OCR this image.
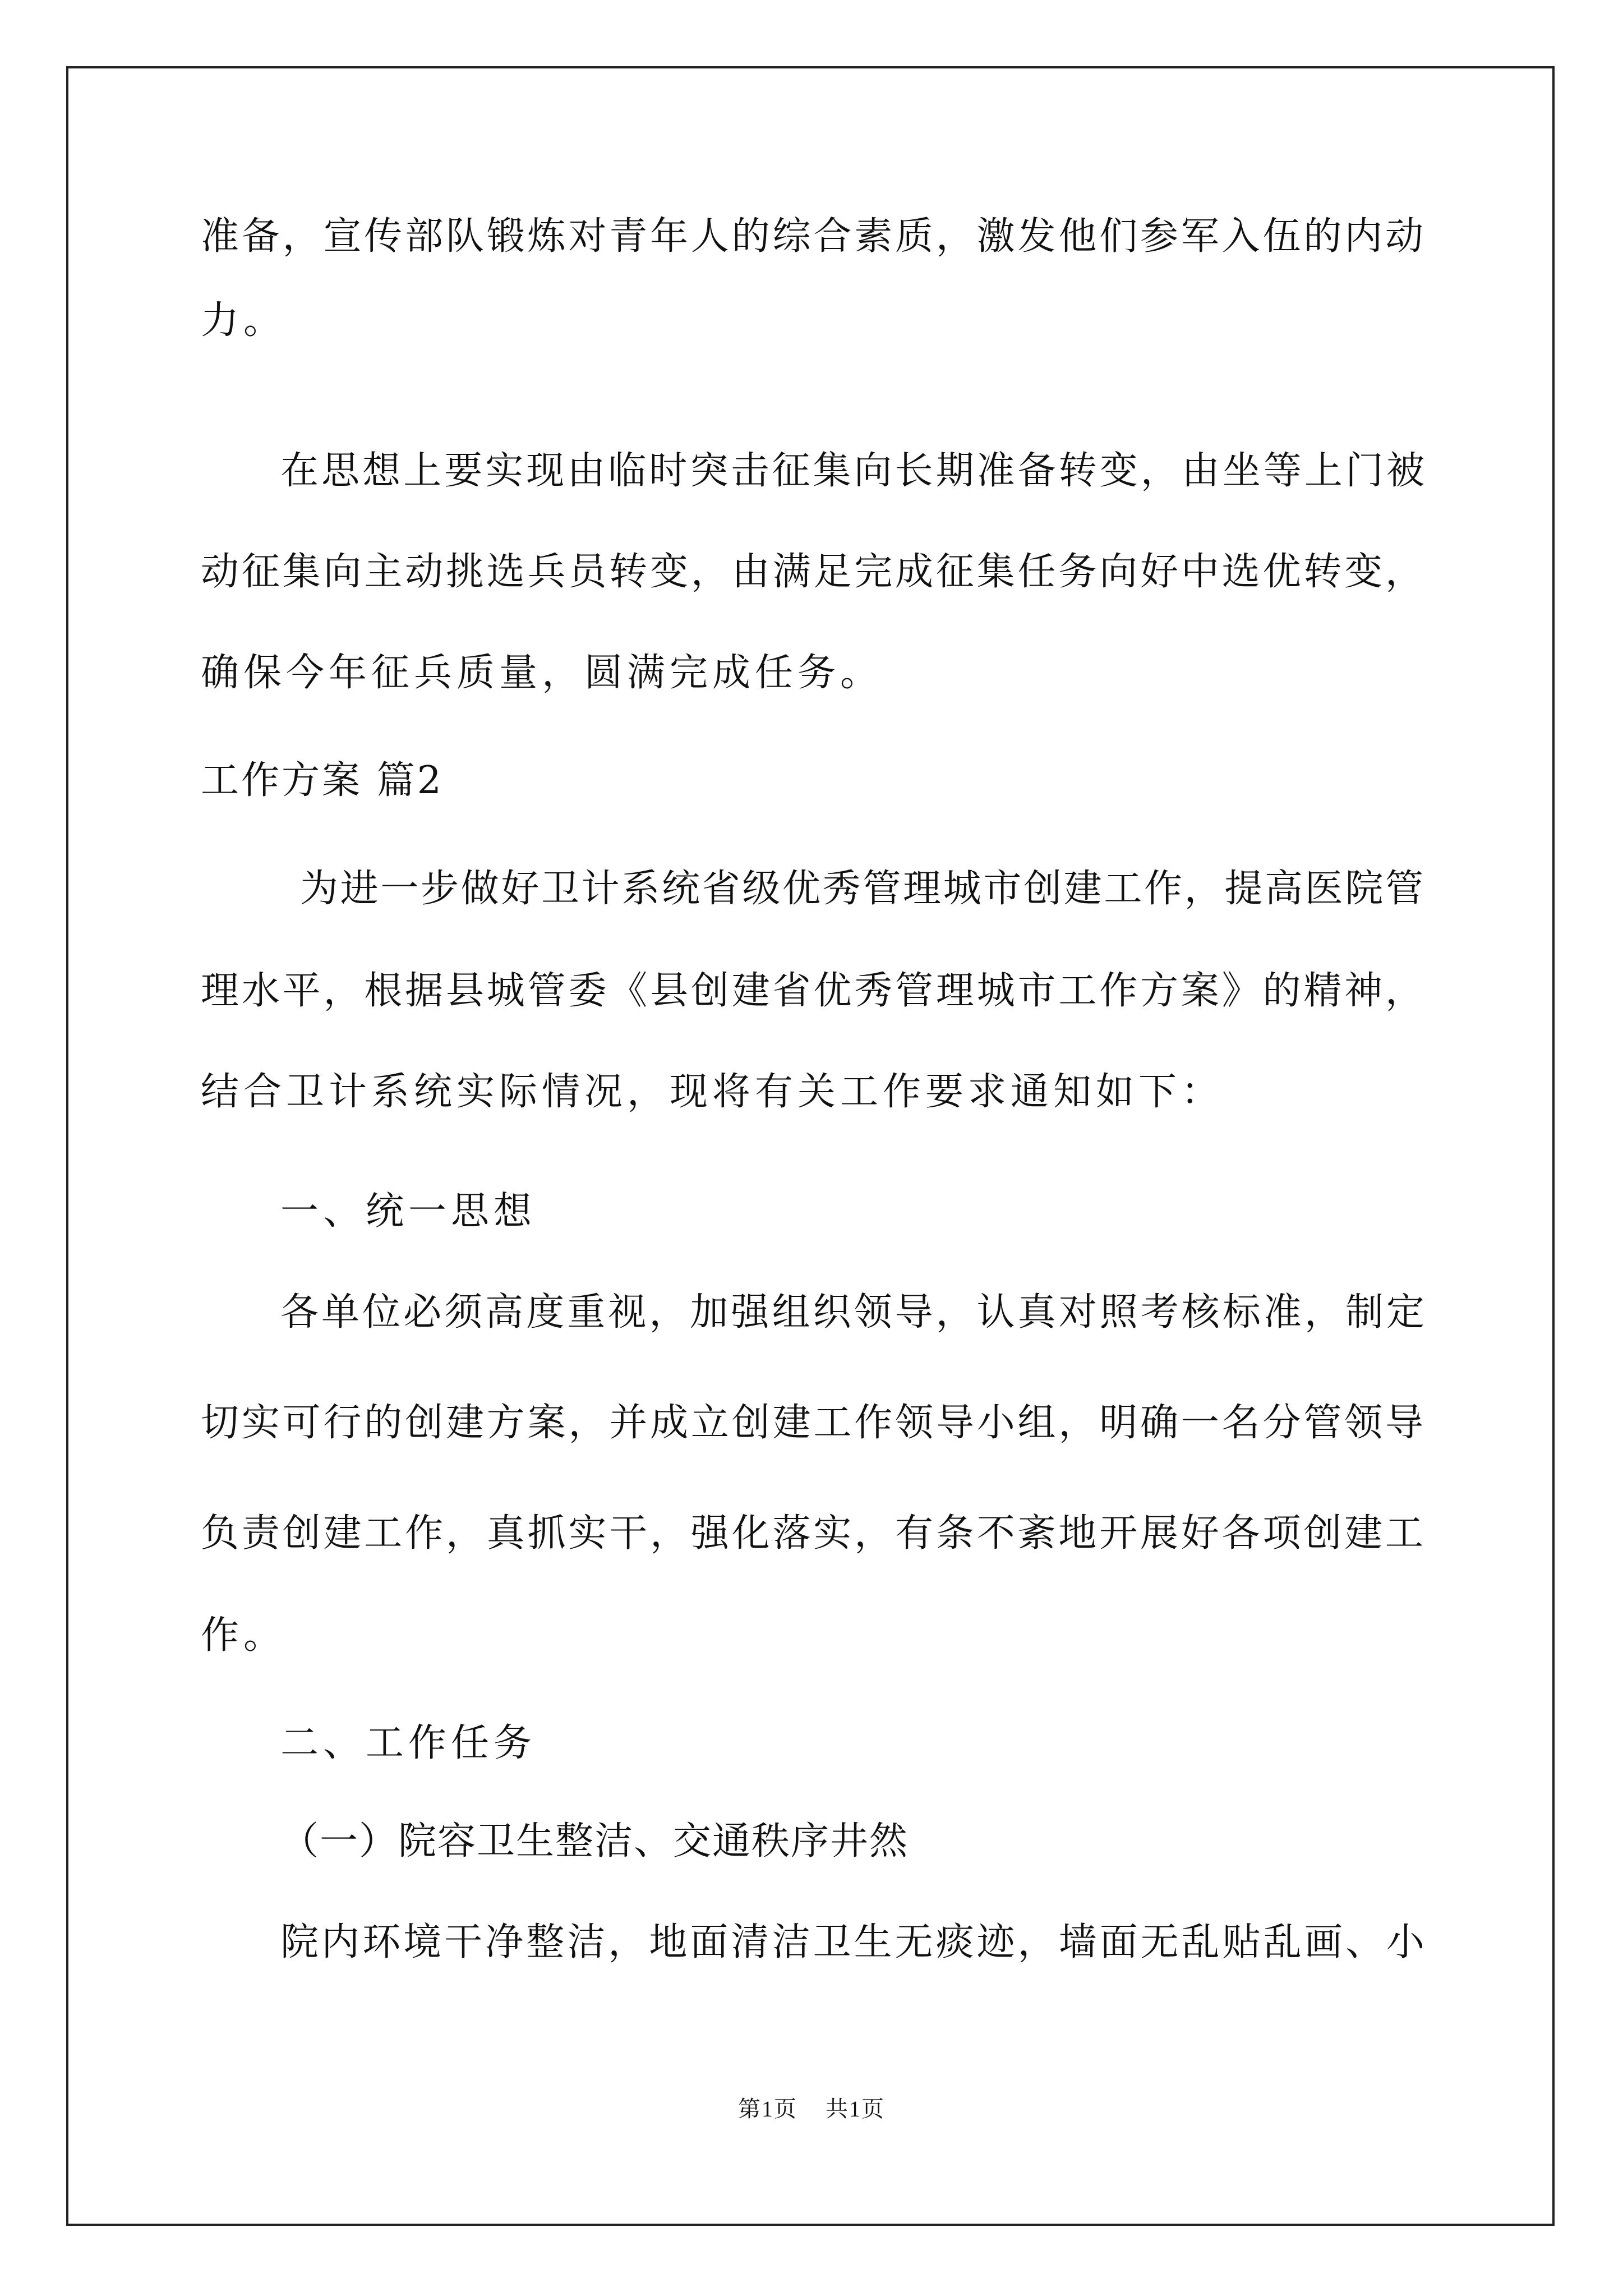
准备，宣传部队锻炼对青年人的综合素质，激发他们参军入伍的内动

力。

在思想上要实现由临时突击征集向长期准备转变，由坐等上门被

动征集向主动挑选兵员转变，由满足完成征集任务向好中选优转变，

确保今年征兵质量，圆满完成任务。

工作方案 篇2

为进一步做好卫计系统省级优秀管理城市创建工作，提高医院管

理水平，根据县城管委《县创建省优秀管理城市工作方案》的精神，

结合卫计系统实际情况，现将有关工作要求通知如下：

一、统一思想

各单位必须高度重视，加强组织领导，认真对照考核标准，制定

切实可行的创建方案，并成立创建工作领导小组，明确一名分管领导

负责创建工作，真抓实干，强化落实，有条不紊地开展好各项创建工

作。

二、工作任务

（一）院容卫生整洁、交通秩序井然

院内环境干净整洁，地面清洁卫生无痰迹，墙面无乱贴乱画、小

第1页 共1页
